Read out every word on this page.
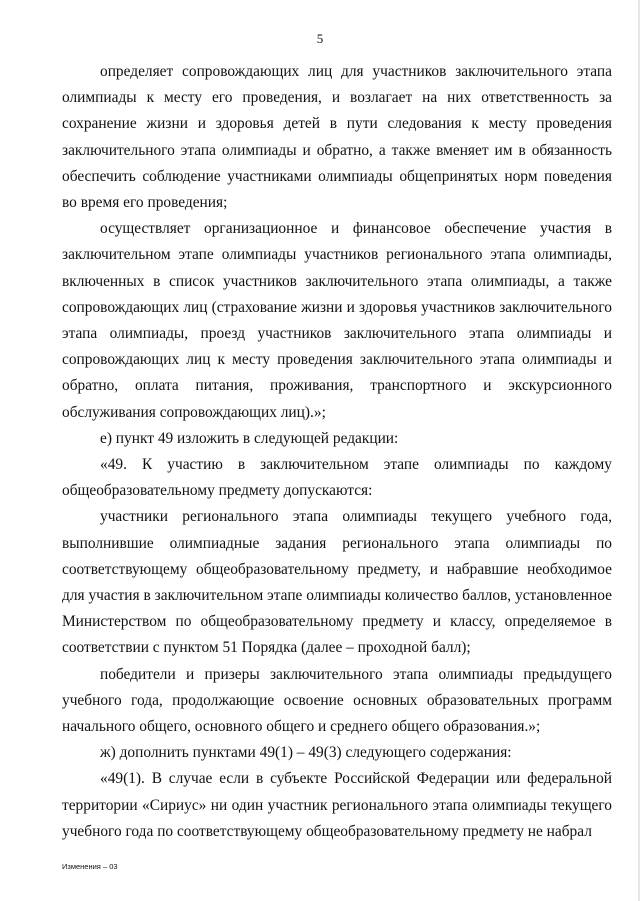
5

определяет сопровождающих лиц для участников заключительного этапа олимпиады к месту его проведения, и возлагает на них ответственность за сохранение жизни и здоровья детей в пути следования к месту проведения заключительного этапа олимпиады и обратно, а также вменяет им в обязанность обеспечить соблюдение участниками олимпиады общепринятых норм поведения во время его проведения;

осуществляет организационное и финансовое обеспечение участия в заключительном этапе олимпиады участников регионального этапа олимпиады, включенных в список участников заключительного этапа олимпиады, а также сопровождающих лиц (страхование жизни и здоровья участников заключительного этапа олимпиады, проезд участников заключительного этапа олимпиады и сопровождающих лиц к месту проведения заключительного этапа олимпиады и обратно, оплата питания, проживания, транспортного и экскурсионного обслуживания сопровождающих лиц).»;

е) пункт 49 изложить в следующей редакции:

«49. К участию в заключительном этапе олимпиады по каждому общеобразовательному предмету допускаются:

участники регионального этапа олимпиады текущего учебного года, выполнившие олимпиадные задания регионального этапа олимпиады по соответствующему общеобразовательному предмету, и набравшие необходимое для участия в заключительном этапе олимпиады количество баллов, установленное Министерством по общеобразовательному предмету и классу, определяемое в соответствии с пунктом 51 Порядка (далее – проходной балл);

победители и призеры заключительного этапа олимпиады предыдущего учебного года, продолжающие освоение основных образовательных программ начального общего, основного общего и среднего общего образования.»;

ж) дополнить пунктами 49(1) – 49(3) следующего содержания:

«49(1). В случае если в субъекте Российской Федерации или федеральной территории «Сириус» ни один участник регионального этапа олимпиады текущего учебного года по соответствующему общеобразовательному предмету не набрал

Изменения – 03
